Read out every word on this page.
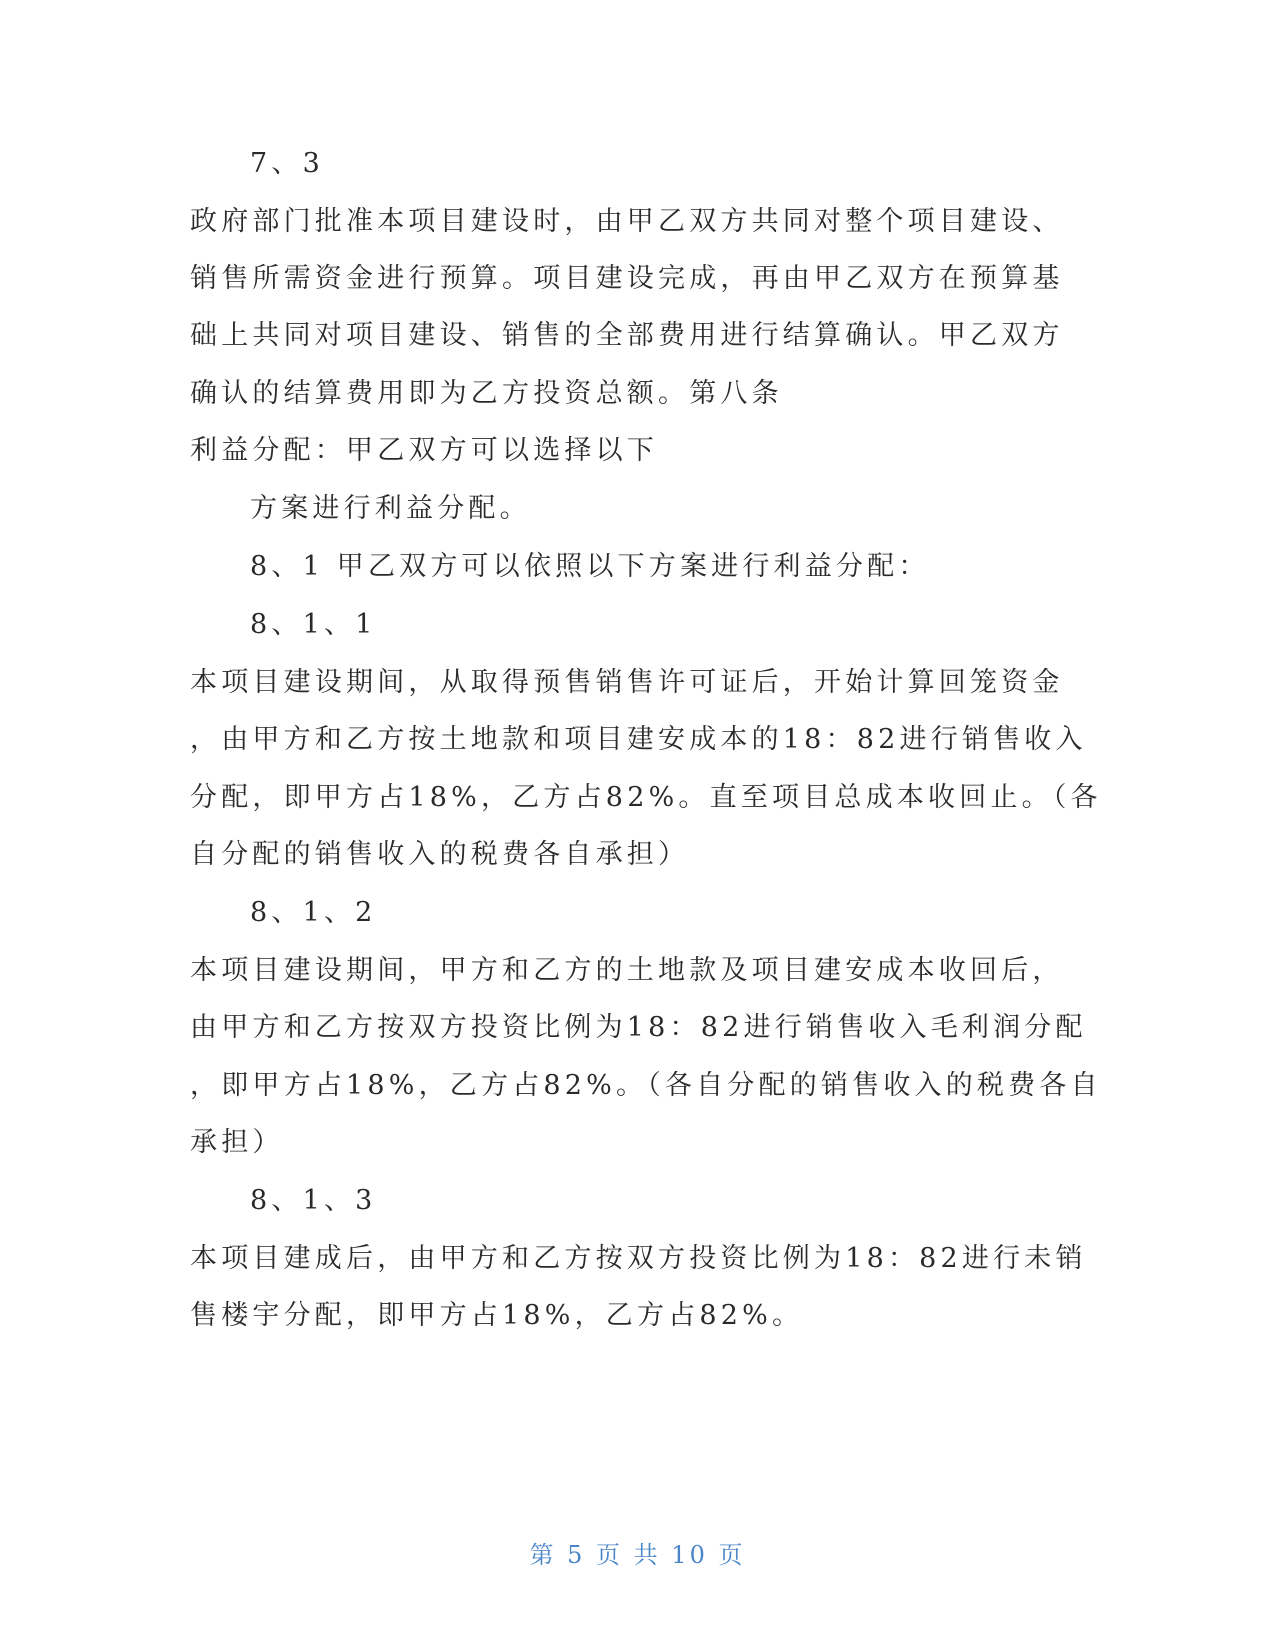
7、3
政府部门批准本项目建设时，由甲乙双方共同对整个项目建设、
销售所需资金进行预算。项目建设完成，再由甲乙双方在预算基
础上共同对项目建设、销售的全部费用进行结算确认。甲乙双方
确认的结算费用即为乙方投资总额。第八条
利益分配：甲乙双方可以选择以下
方案进行利益分配。
8、1 甲乙双方可以依照以下方案进行利益分配：
8、1、1
本项目建设期间，从取得预售销售许可证后，开始计算回笼资金
，由甲方和乙方按土地款和项目建安成本的18：82进行销售收入
分配，即甲方占18%，乙方占82%。直至项目总成本收回止。（各
自分配的销售收入的税费各自承担）
8、1、2
本项目建设期间，甲方和乙方的土地款及项目建安成本收回后，
由甲方和乙方按双方投资比例为18：82进行销售收入毛利润分配
，即甲方占18%，乙方占82%。（各自分配的销售收入的税费各自
承担）
8、1、3
本项目建成后，由甲方和乙方按双方投资比例为18：82进行未销
售楼宇分配，即甲方占18%，乙方占82%。
第 5 页 共 10 页
